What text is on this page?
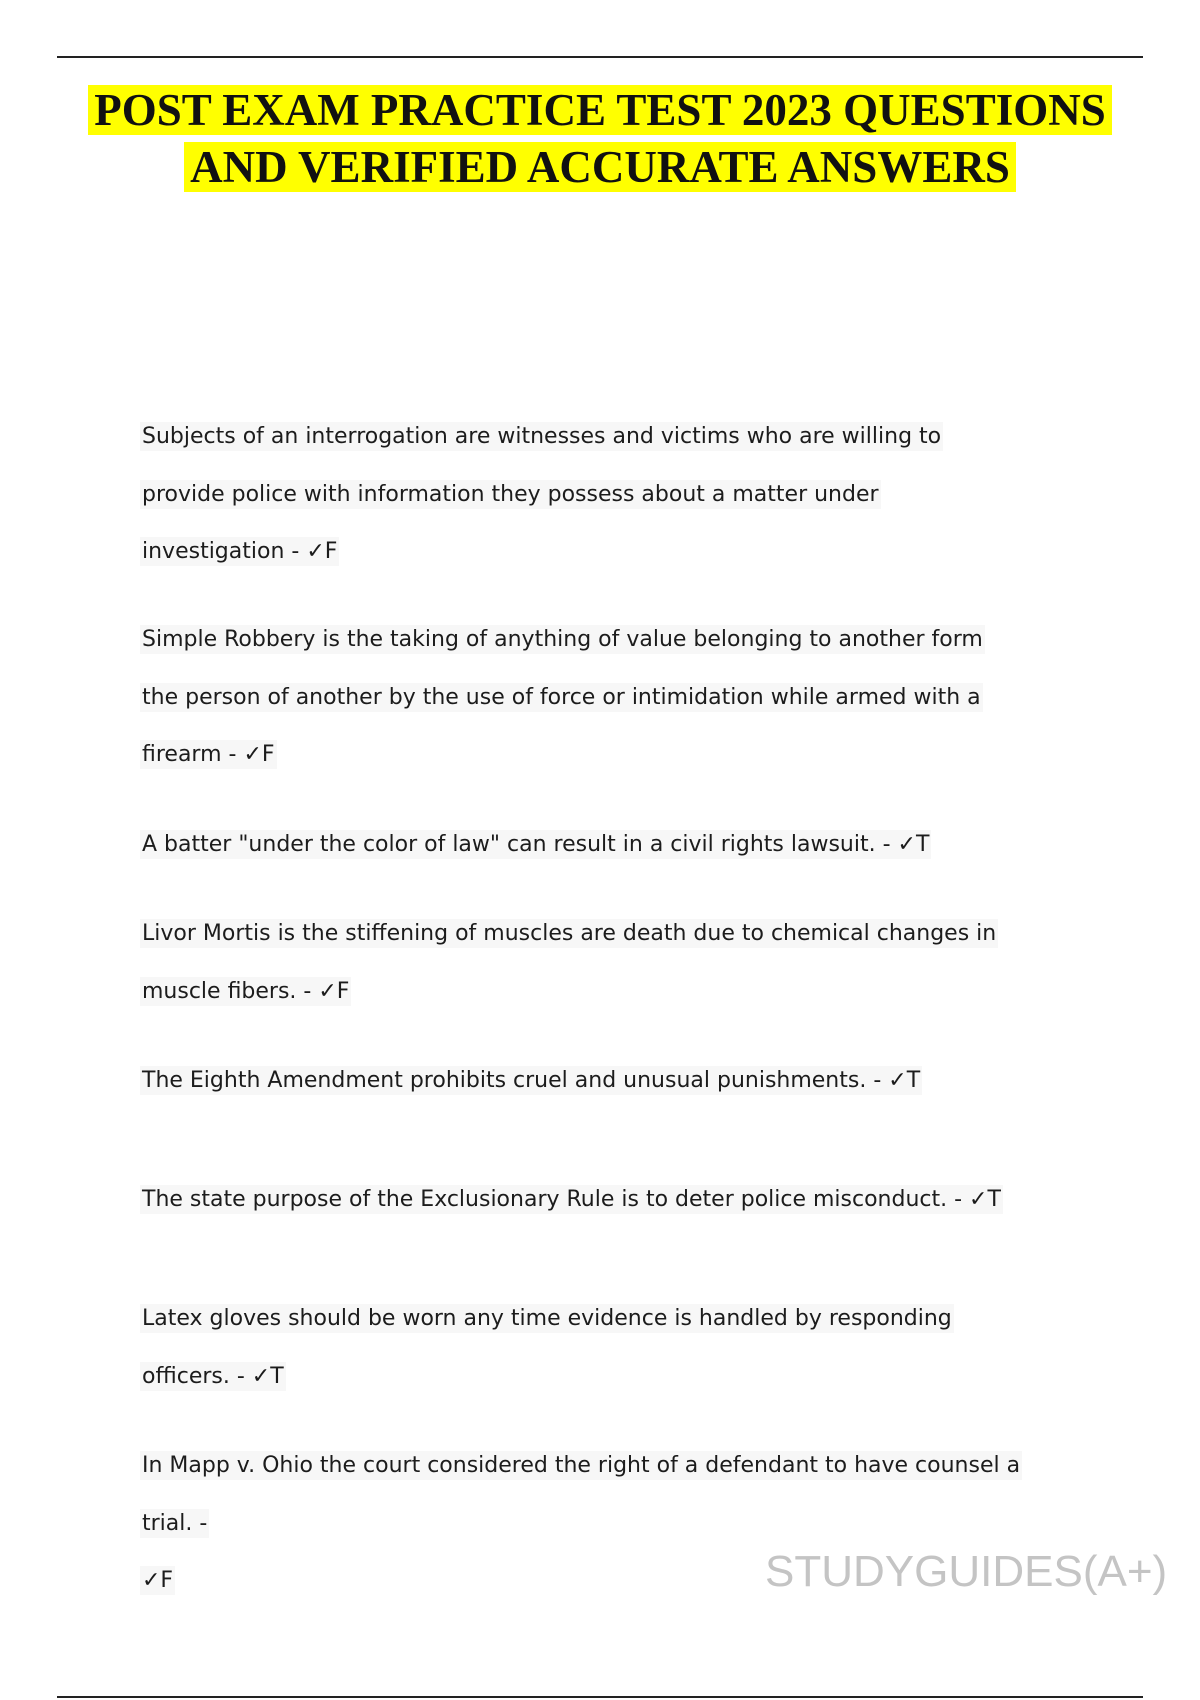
POST EXAM PRACTICE TEST 2023 QUESTIONS
AND VERIFIED ACCURATE ANSWERS
Subjects of an interrogation are witnesses and victims who are willing to
provide police with information they possess about a matter under
investigation - ✓F
Simple Robbery is the taking of anything of value belonging to another form
the person of another by the use of force or intimidation while armed with a
firearm - ✓F
A batter "under the color of law" can result in a civil rights lawsuit. - ✓T
Livor Mortis is the stiffening of muscles are death due to chemical changes in
muscle fibers. - ✓F
The Eighth Amendment prohibits cruel and unusual punishments. - ✓T
The state purpose of the Exclusionary Rule is to deter police misconduct. - ✓T
Latex gloves should be worn any time evidence is handled by responding
officers. - ✓T
In Mapp v. Ohio the court considered the right of a defendant to have counsel a
trial. -
✓F	STUDYGUIDES(A+)
